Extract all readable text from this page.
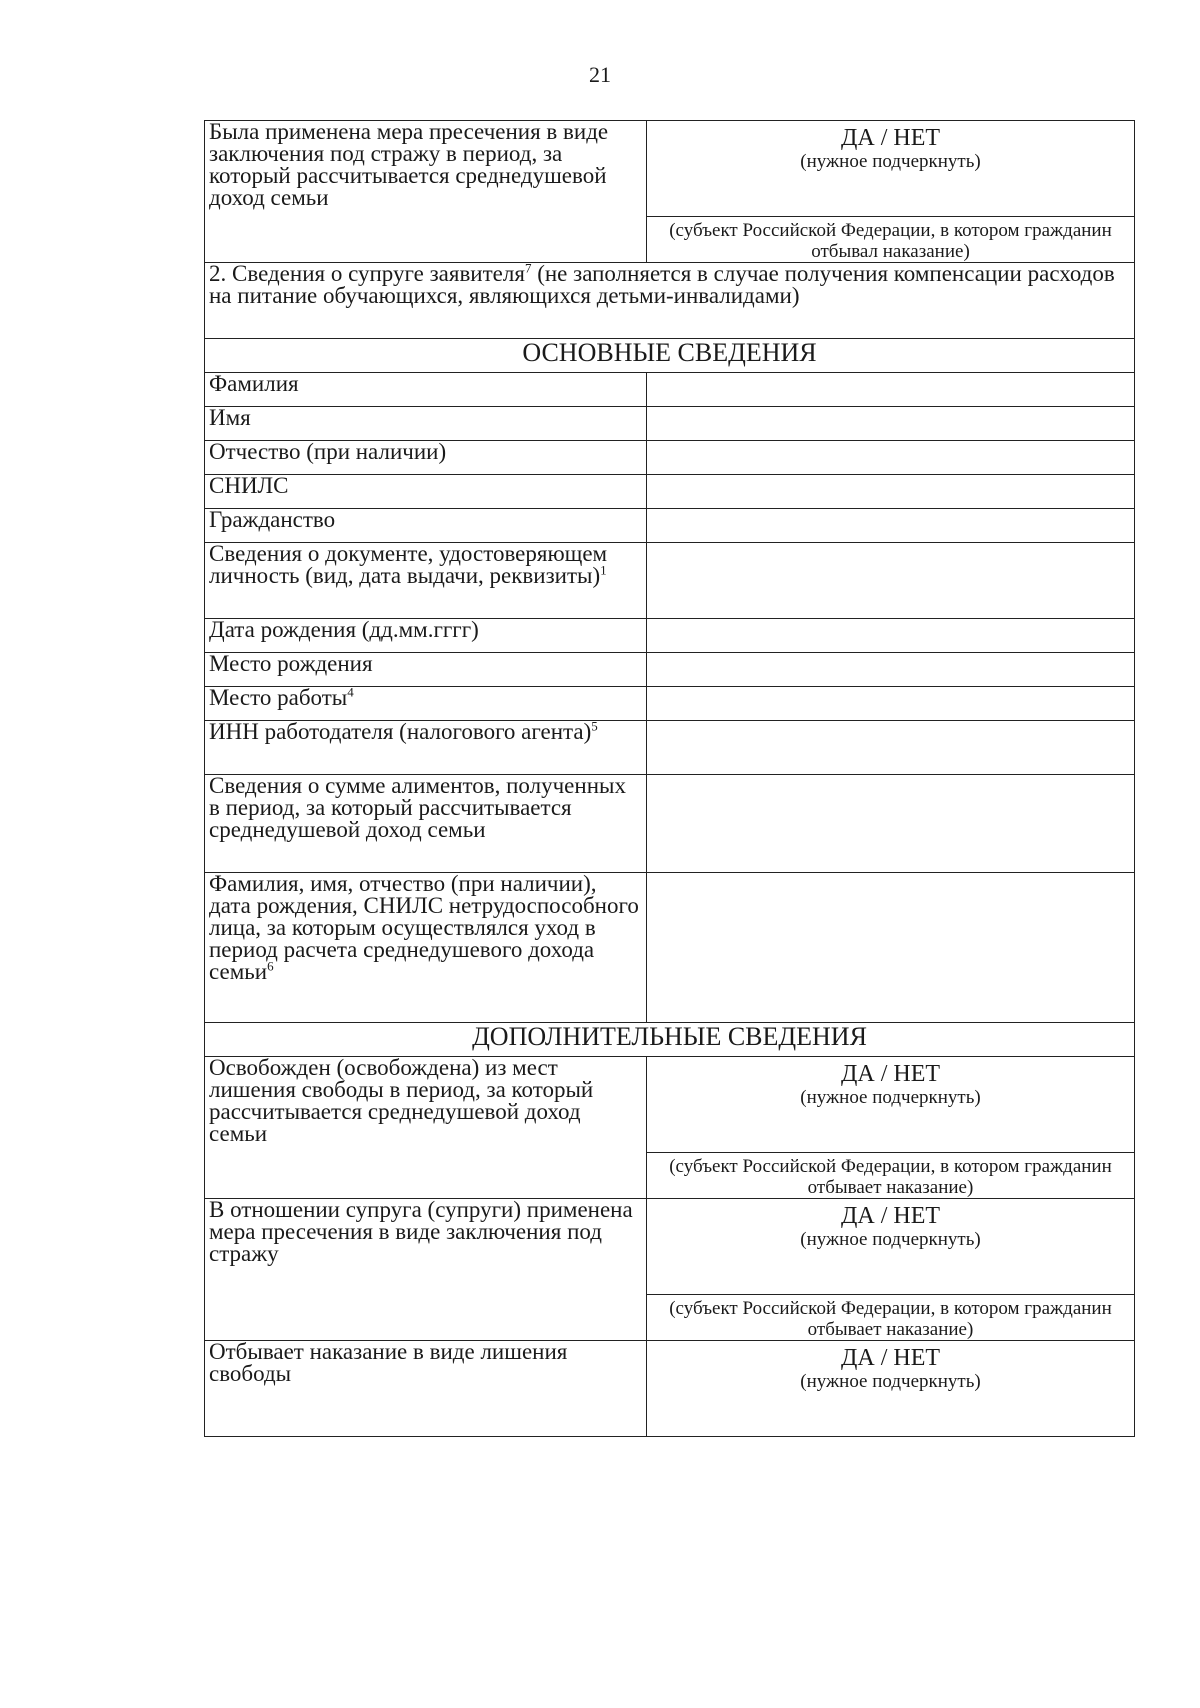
21
Была применена мера пресечения в виде заключения под стражу в период, за который рассчитывается среднедушевой доход семьи	ДА / НЕТ
(нужное подчеркнуть)

	(субъект Российской Федерации, в котором гражданин отбывал наказание)
2. Сведения о супруге заявителя$^7$ (не заполняется в случае получения компенсации расходов на питание обучающихся, являющихся детьми-инвалидами)	
ОСНОВНЫЕ СВЕДЕНИЯ	
Фамилия	
Имя	
Отчество (при наличии)	
СНИЛС	
Гражданство	
Сведения о документе, удостоверяющем личность (вид, дата выдачи, реквизиты)$^1$	
Дата рождения (дд.мм.гггг)	
Место рождения	
Место работы$^4$	
ИНН работодателя (налогового агента)$^5$	
Сведения о сумме алиментов, полученных в период, за который рассчитывается среднедушевой доход семьи	
Фамилия, имя, отчество (при наличии), дата рождения, СНИЛС нетрудоспособного лица, за которым осуществлялся уход в период расчета среднедушевого дохода семьи$^6$	
ДОПОЛНИТЕЛЬНЫЕ СВЕДЕНИЯ	
Освобожден (освобождена) из мест лишения свободы в период, за который рассчитывается среднедушевой доход семьи	ДА / НЕТ
(нужное подчеркнуть)

	(субъект Российской Федерации, в котором гражданин отбывает наказание)
В отношении супруга (супруги) применена мера пресечения в виде заключения под стражу	ДА / НЕТ
(нужное подчеркнуть)

	(субъект Российской Федерации, в котором гражданин отбывает наказание)
Отбывает наказание в виде лишения свободы	ДА / НЕТ
(нужное подчеркнуть)
